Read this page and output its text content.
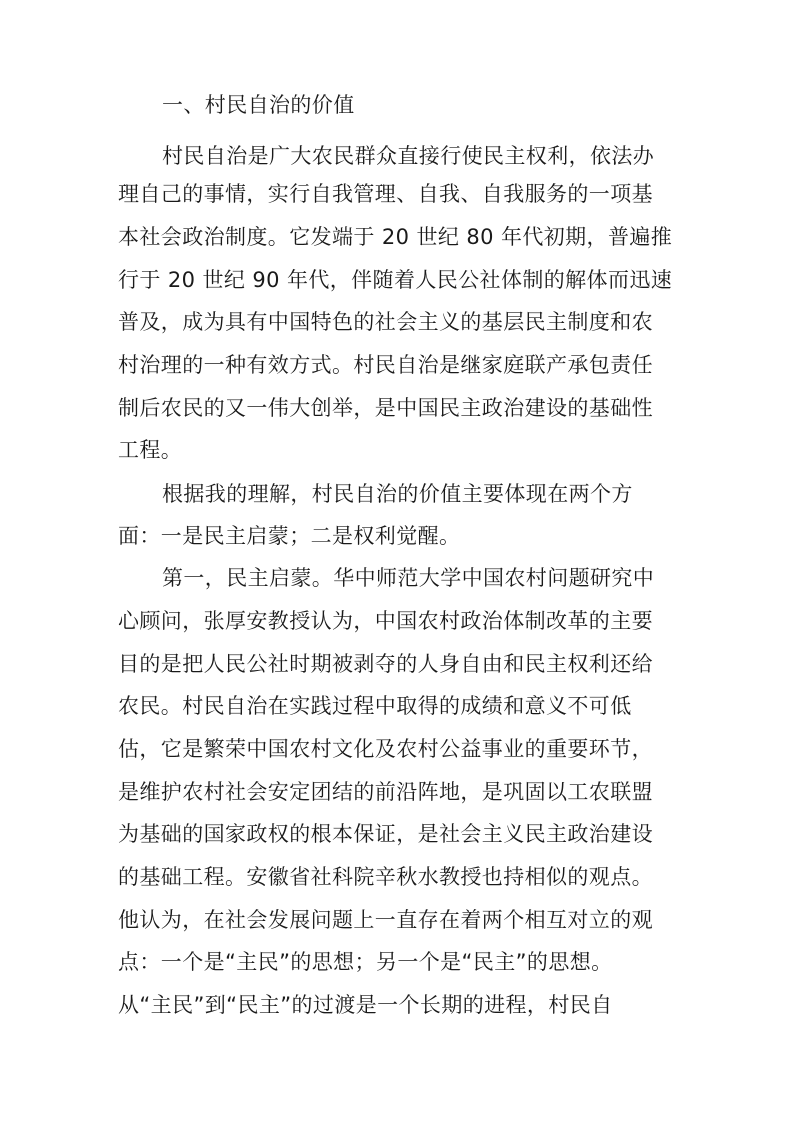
一、村民自治的价值

村民自治是广大农民群众直接行使民主权利，依法办

理自己的事情，实行自我管理、自我、自我服务的一项基

本社会政治制度。它发端于 20 世纪 80 年代初期，普遍推

行于 20 世纪 90 年代，伴随着人民公社体制的解体而迅速

普及，成为具有中国特色的社会主义的基层民主制度和农

村治理的一种有效方式。村民自治是继家庭联产承包责任

制后农民的又一伟大创举，是中国民主政治建设的基础性

工程。

根据我的理解，村民自治的价值主要体现在两个方

面：一是民主启蒙；二是权利觉醒。

第一，民主启蒙。华中师范大学中国农村问题研究中

心顾问，张厚安教授认为，中国农村政治体制改革的主要

目的是把人民公社时期被剥夺的人身自由和民主权利还给

农民。村民自治在实践过程中取得的成绩和意义不可低

估，它是繁荣中国农村文化及农村公益事业的重要环节，

是维护农村社会安定团结的前沿阵地，是巩固以工农联盟

为基础的国家政权的根本保证，是社会主义民主政治建设

的基础工程。安徽省社科院辛秋水教授也持相似的观点。

他认为，在社会发展问题上一直存在着两个相互对立的观

点：一个是“主民”的思想；另一个是“民主”的思想。

从“主民”到“民主”的过渡是一个长期的进程，村民自
